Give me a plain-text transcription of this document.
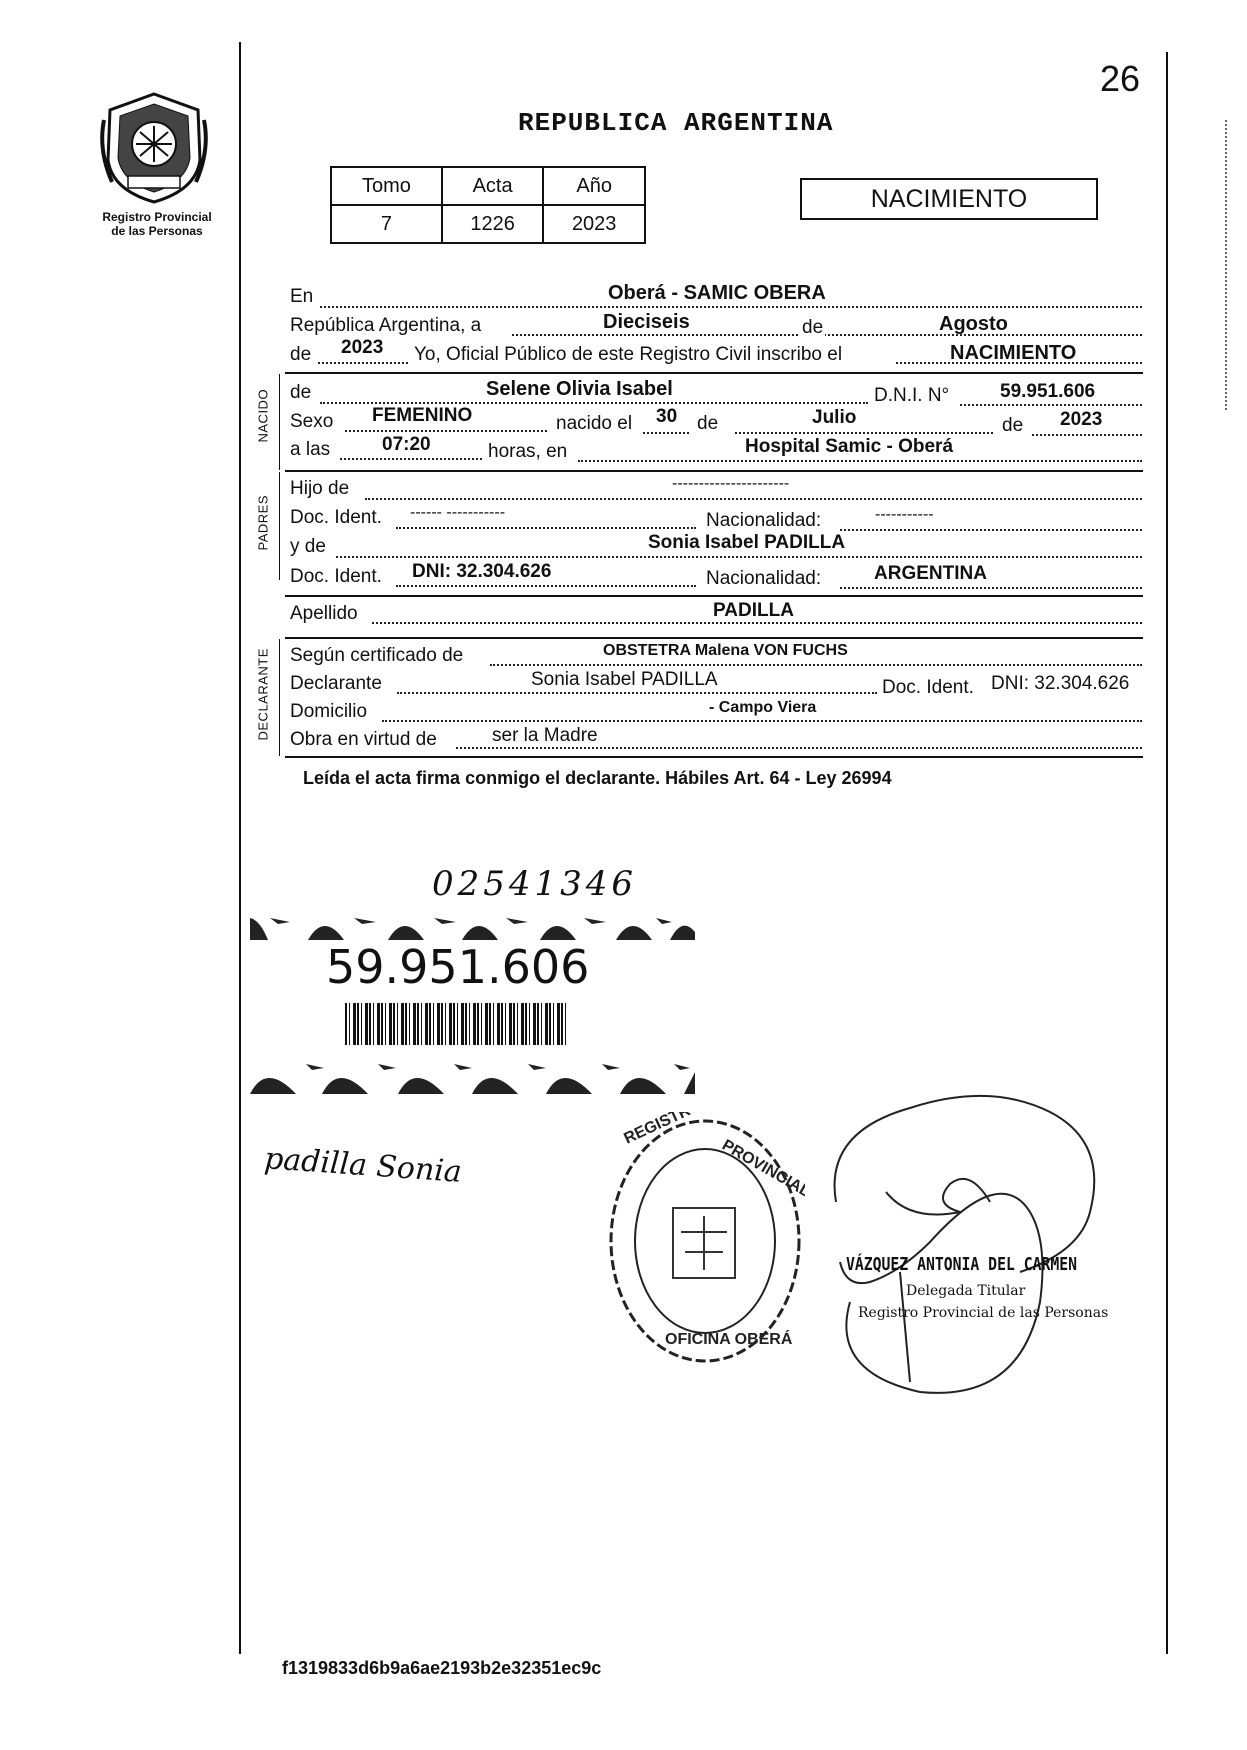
26
Registro Provincial
de las Personas
REPUBLICA ARGENTINA
Tomo	Acta	Año
7	1226	2023
NACIMIENTO
NACIDO
PADRES
DECLARANTE
En	Oberá - SAMIC OBERA
República Argentina, a	Dieciseis	de	Agosto
de 2023 Yo, Oficial Público de este Registro Civil inscribo el	NACIMIENTO
de	Selene Olivia Isabel	D.N.I. N°	59.951.606
Sexo FEMENINO	nacido el 30 de	Julio	de 2023
a las	07:20	horas, en	Hospital Samic - Oberá
Hijo de	----------------------
Doc. Ident. ------ -----------	Nacionalidad:	-----------
y de	Sonia Isabel PADILLA
Doc. Ident. DNI: 32.304.626	Nacionalidad:	ARGENTINA
Apellido	PADILLA
Según certificado de	OBSTETRA Malena VON FUCHS
Declarante	Sonia Isabel PADILLA	Doc. Ident. DNI: 32.304.626
Domicilio	- Campo Viera
Obra en virtud de	ser la Madre
Leída el acta firma conmigo el declarante. Hábiles Art. 64 - Ley 26994
02541346
59.951.606
padilla Sonia
REGISTRO
PROVINCIAL
OFICINA OBERÁ
VÁZQUEZ ANTONIA DEL CARMEN
Delegada Titular
Registro Provincial de las Personas
f1319833d6b9a6ae2193b2e32351ec9c
